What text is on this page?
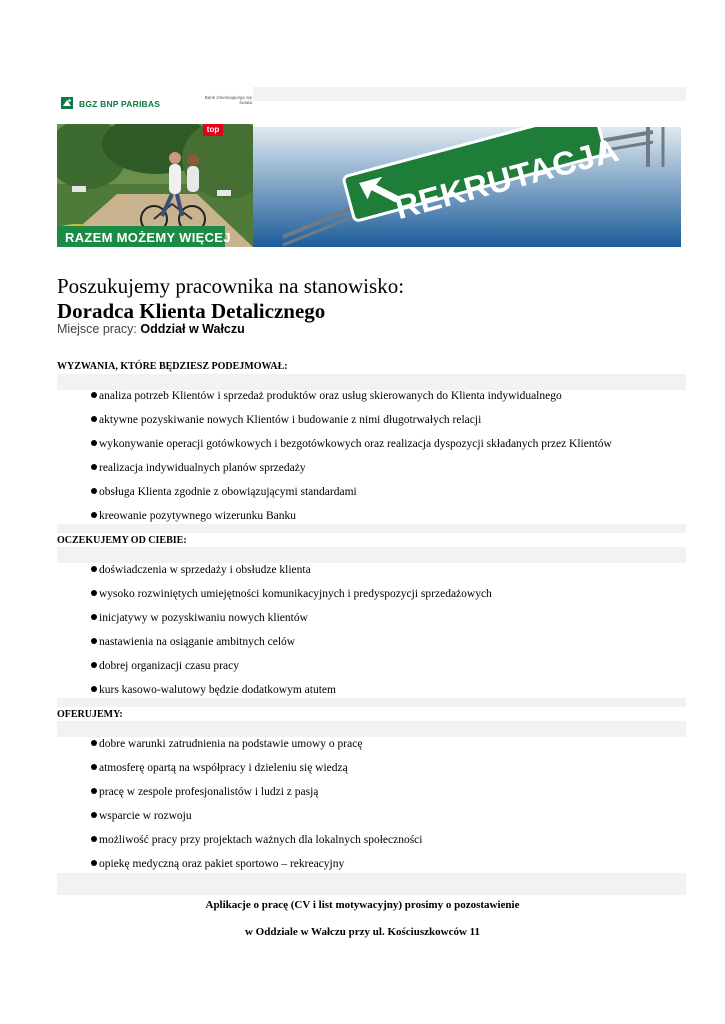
BGZ BNP PARIBAS
Bank zmieniającego się świata
RAZEM MOŻEMY WIĘCEJ
top
REKRUTACJA
Poszukujemy pracownika na stanowisko:
Doradca Klienta Detalicznego
Miejsce pracy: Oddział w Wałczu
WYZWANIA, KTÓRE BĘDZIESZ PODEJMOWAŁ:
analiza potrzeb Klientów i sprzedaż produktów oraz usług skierowanych do Klienta indywidualnego
aktywne pozyskiwanie nowych Klientów i budowanie z nimi długotrwałych relacji
wykonywanie operacji gotówkowych i bezgotówkowych oraz realizacja dyspozycji składanych przez Klientów
realizacja indywidualnych planów sprzedaży
obsługa Klienta zgodnie z obowiązującymi standardami
kreowanie pozytywnego wizerunku Banku
OCZEKUJEMY OD CIEBIE:
doświadczenia w sprzedaży i obsłudze klienta
wysoko rozwiniętych umiejętności komunikacyjnych i predyspozycji sprzedażowych
inicjatywy w pozyskiwaniu nowych klientów
nastawienia na osiąganie ambitnych celów
dobrej organizacji czasu pracy
kurs kasowo-walutowy będzie dodatkowym atutem
OFERUJEMY:
dobre warunki zatrudnienia na podstawie umowy o pracę
atmosferę opartą na współpracy i dzieleniu się wiedzą
pracę w zespole profesjonalistów i ludzi z pasją
wsparcie w rozwoju
możliwość pracy przy projektach ważnych dla lokalnych społeczności
opiekę medyczną oraz pakiet sportowo – rekreacyjny
Aplikacje o pracę (CV i list motywacyjny) prosimy o pozostawienie
w Oddziale w Wałczu przy ul. Kościuszkowców 11
